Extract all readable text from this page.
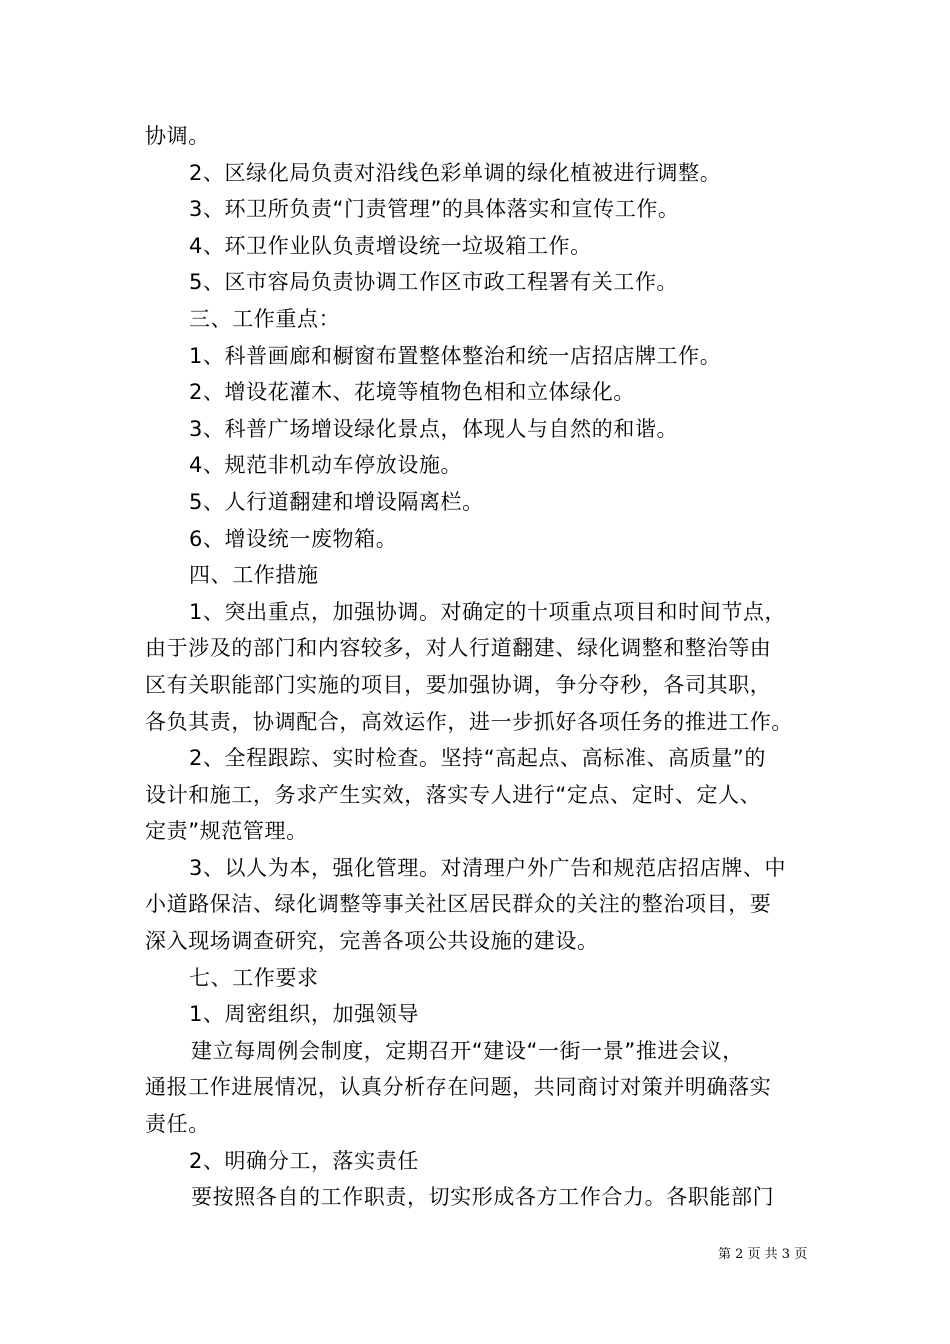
协调。
2、区绿化局负责对沿线色彩单调的绿化植被进行调整。
3、环卫所负责“门责管理”的具体落实和宣传工作。
4、环卫作业队负责增设统一垃圾箱工作。
5、区市容局负责协调工作区市政工程署有关工作。
三、工作重点：
1、科普画廊和橱窗布置整体整治和统一店招店牌工作。
2、增设花灌木、花境等植物色相和立体绿化。
3、科普广场增设绿化景点，体现人与自然的和谐。
4、规范非机动车停放设施。
5、人行道翻建和增设隔离栏。
6、增设统一废物箱。
四、工作措施
1、突出重点，加强协调。对确定的十项重点项目和时间节点，
由于涉及的部门和内容较多，对人行道翻建、绿化调整和整治等由
区有关职能部门实施的项目，要加强协调，争分夺秒，各司其职，
各负其责，协调配合，高效运作，进一步抓好各项任务的推进工作。
2、全程跟踪、实时检查。坚持“高起点、高标准、高质量”的
设计和施工，务求产生实效，落实专人进行“定点、定时、定人、
定责”规范管理。
3、以人为本，强化管理。对清理户外广告和规范店招店牌、中
小道路保洁、绿化调整等事关社区居民群众的关注的整治项目，要
深入现场调查研究，完善各项公共设施的建设。
七、工作要求
1、周密组织，加强领导
建立每周例会制度，定期召开“建设“一街一景”推进会议，
通报工作进展情况，认真分析存在问题，共同商讨对策并明确落实
责任。
2、明确分工，落实责任
要按照各自的工作职责，切实形成各方工作合力。各职能部门
第 2 页 共 3 页
